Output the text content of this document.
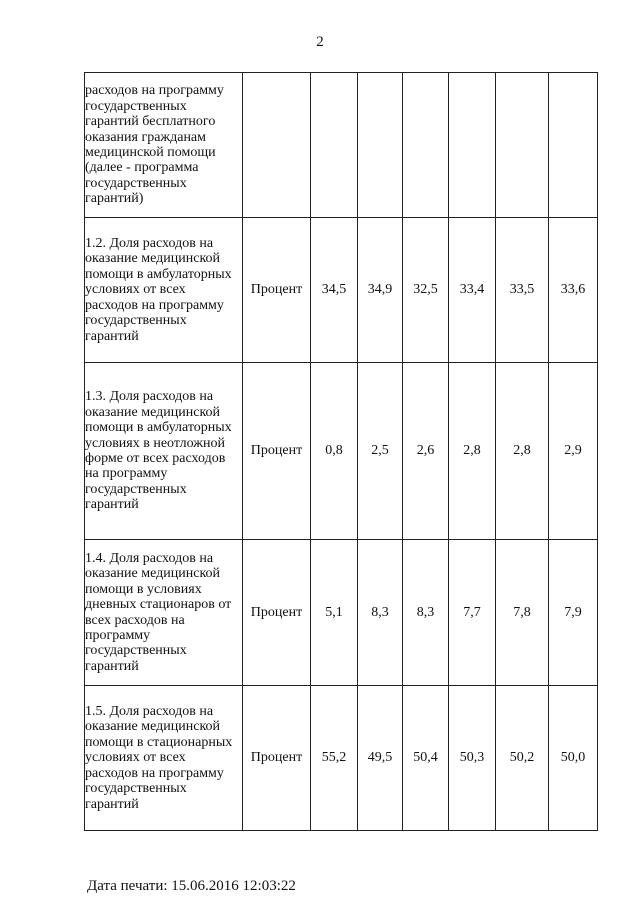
2
расходов на программу государственных гарантий бесплатного оказания гражданам медицинской помощи (далее - программа государственных гарантий)							
1.2. Доля расходов на оказание медицинской помощи в амбулаторных условиях от всех расходов на программу государственных гарантий	Процент	34,5	34,9	32,5	33,4	33,5	33,6
1.3. Доля расходов на оказание медицинской помощи в амбулаторных условиях в неотложной форме от всех расходов на программу государственных гарантий	Процент	0,8	2,5	2,6	2,8	2,8	2,9
1.4. Доля расходов на оказание медицинской помощи в условиях дневных стационаров от всех расходов на программу государственных гарантий	Процент	5,1	8,3	8,3	7,7	7,8	7,9
1.5. Доля расходов на оказание медицинской помощи в стационарных условиях от всех расходов на программу государственных гарантий	Процент	55,2	49,5	50,4	50,3	50,2	50,0
Дата печати: 15.06.2016 12:03:22
